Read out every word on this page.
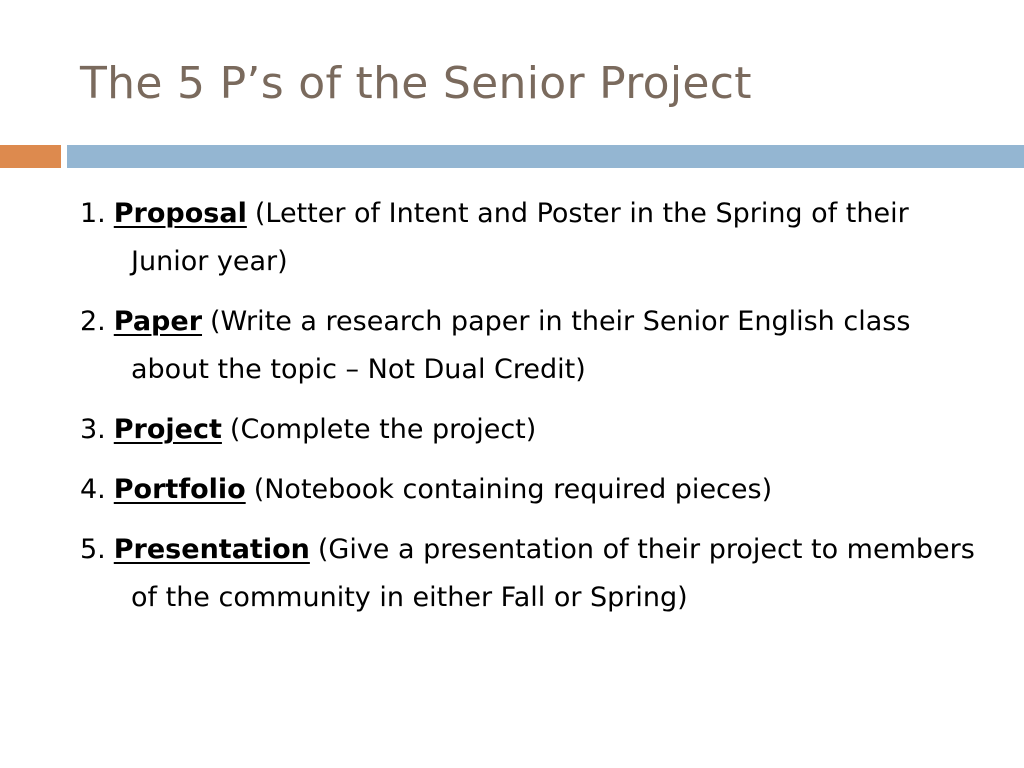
The 5 P’s of the Senior Project
1. Proposal (Letter of Intent and Poster in the Spring of their Junior year)
2. Paper (Write a research paper in their Senior English class about the topic – Not Dual Credit)
3. Project (Complete the project)
4. Portfolio (Notebook containing required pieces)
5. Presentation (Give a presentation of their project to members of the community in either Fall or Spring)
